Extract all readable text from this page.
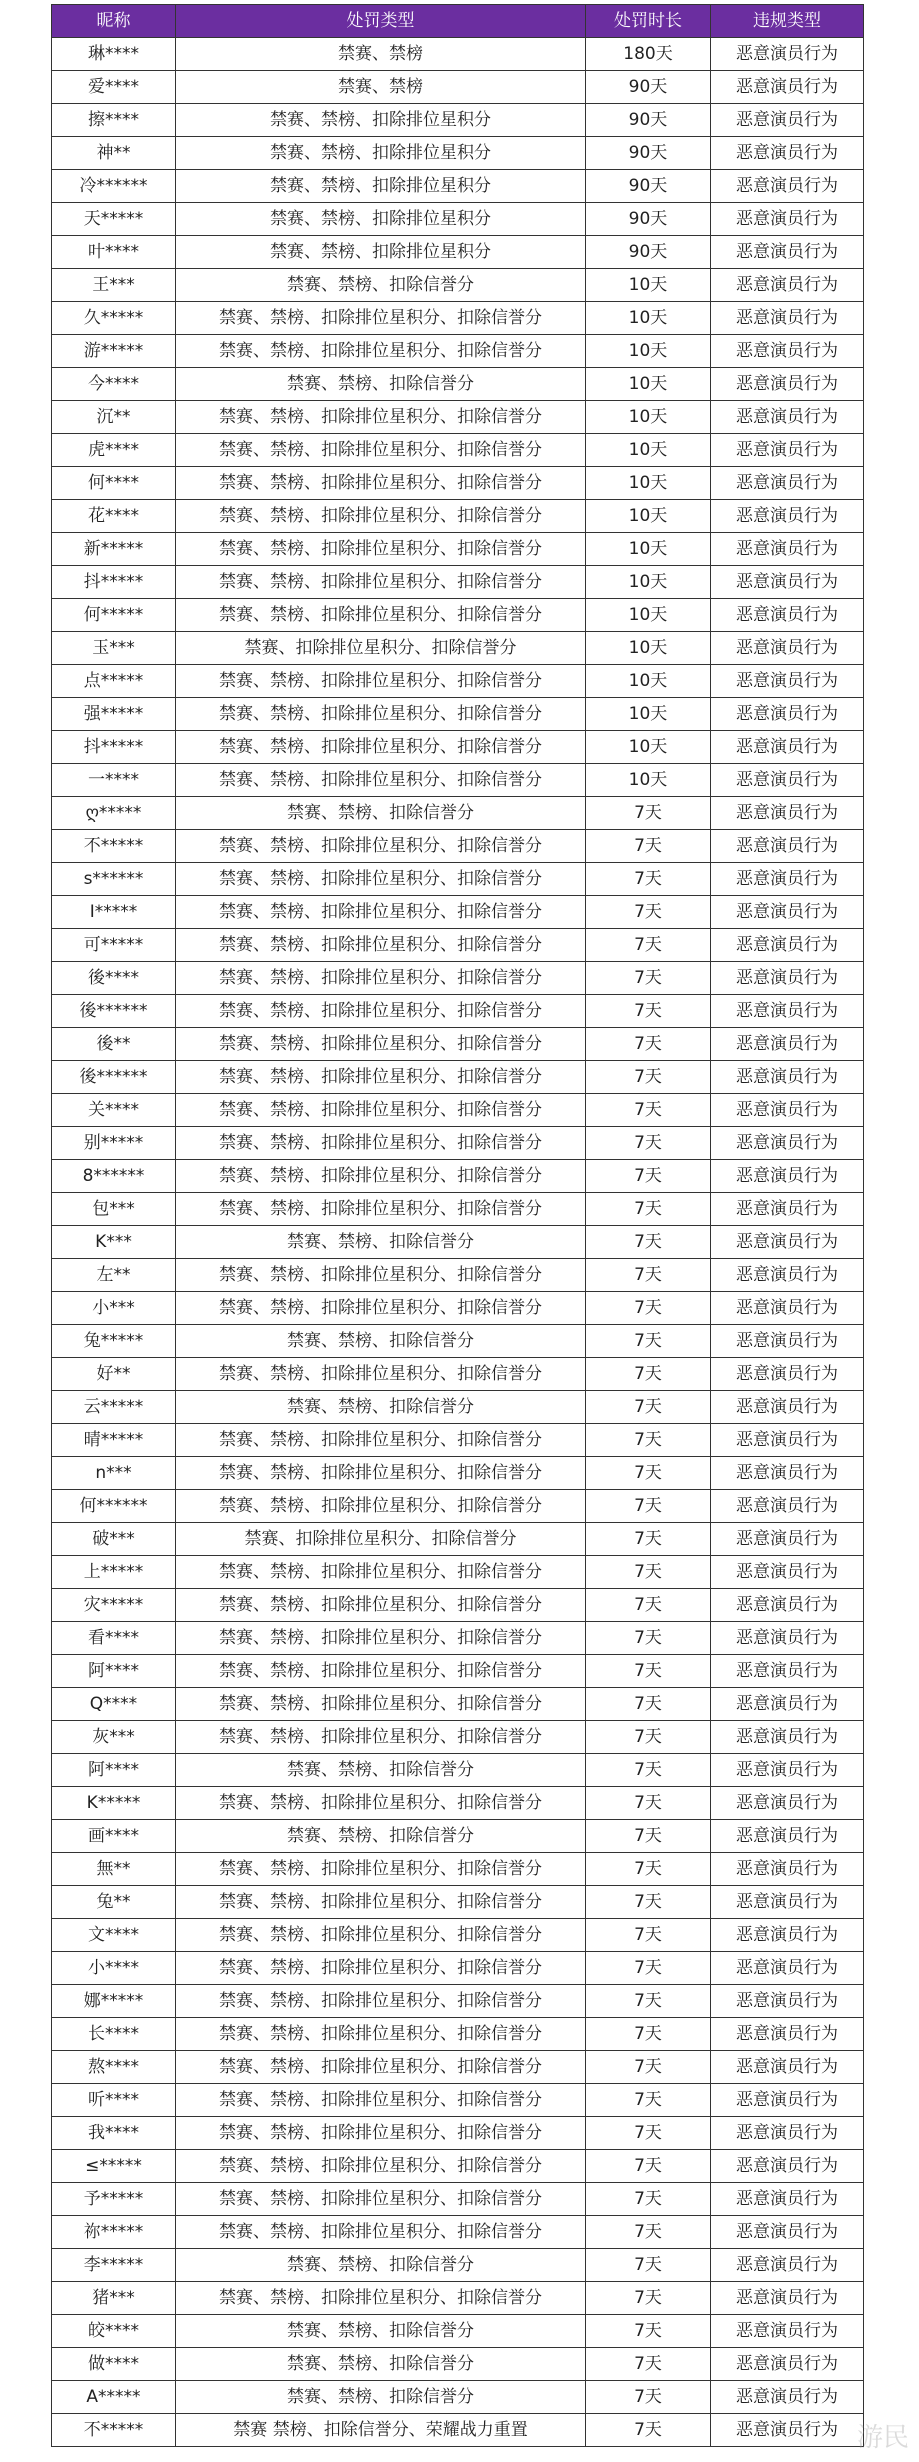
昵称	处罚类型	处罚时长	违规类型
琳****	禁赛、禁榜	180天	恶意演员行为
爱****	禁赛、禁榜	90天	恶意演员行为
擦****	禁赛、禁榜、扣除排位星积分	90天	恶意演员行为
神**	禁赛、禁榜、扣除排位星积分	90天	恶意演员行为
冷******	禁赛、禁榜、扣除排位星积分	90天	恶意演员行为
天*****	禁赛、禁榜、扣除排位星积分	90天	恶意演员行为
叶****	禁赛、禁榜、扣除排位星积分	90天	恶意演员行为
王***	禁赛、禁榜、扣除信誉分	10天	恶意演员行为
久*****	禁赛、禁榜、扣除排位星积分、扣除信誉分	10天	恶意演员行为
游*****	禁赛、禁榜、扣除排位星积分、扣除信誉分	10天	恶意演员行为
今****	禁赛、禁榜、扣除信誉分	10天	恶意演员行为
沉**	禁赛、禁榜、扣除排位星积分、扣除信誉分	10天	恶意演员行为
虎****	禁赛、禁榜、扣除排位星积分、扣除信誉分	10天	恶意演员行为
何****	禁赛、禁榜、扣除排位星积分、扣除信誉分	10天	恶意演员行为
花****	禁赛、禁榜、扣除排位星积分、扣除信誉分	10天	恶意演员行为
新*****	禁赛、禁榜、扣除排位星积分、扣除信誉分	10天	恶意演员行为
抖*****	禁赛、禁榜、扣除排位星积分、扣除信誉分	10天	恶意演员行为
何*****	禁赛、禁榜、扣除排位星积分、扣除信誉分	10天	恶意演员行为
玉***	禁赛、扣除排位星积分、扣除信誉分	10天	恶意演员行为
点*****	禁赛、禁榜、扣除排位星积分、扣除信誉分	10天	恶意演员行为
强*****	禁赛、禁榜、扣除排位星积分、扣除信誉分	10天	恶意演员行为
抖*****	禁赛、禁榜、扣除排位星积分、扣除信誉分	10天	恶意演员行为
一****	禁赛、禁榜、扣除排位星积分、扣除信誉分	10天	恶意演员行为
ღ*****	禁赛、禁榜、扣除信誉分	7天	恶意演员行为
不*****	禁赛、禁榜、扣除排位星积分、扣除信誉分	7天	恶意演员行为
s******	禁赛、禁榜、扣除排位星积分、扣除信誉分	7天	恶意演员行为
I*****	禁赛、禁榜、扣除排位星积分、扣除信誉分	7天	恶意演员行为
可*****	禁赛、禁榜、扣除排位星积分、扣除信誉分	7天	恶意演员行为
後****	禁赛、禁榜、扣除排位星积分、扣除信誉分	7天	恶意演员行为
後******	禁赛、禁榜、扣除排位星积分、扣除信誉分	7天	恶意演员行为
後**	禁赛、禁榜、扣除排位星积分、扣除信誉分	7天	恶意演员行为
後******	禁赛、禁榜、扣除排位星积分、扣除信誉分	7天	恶意演员行为
关****	禁赛、禁榜、扣除排位星积分、扣除信誉分	7天	恶意演员行为
别*****	禁赛、禁榜、扣除排位星积分、扣除信誉分	7天	恶意演员行为
8******	禁赛、禁榜、扣除排位星积分、扣除信誉分	7天	恶意演员行为
包***	禁赛、禁榜、扣除排位星积分、扣除信誉分	7天	恶意演员行为
K***	禁赛、禁榜、扣除信誉分	7天	恶意演员行为
左**	禁赛、禁榜、扣除排位星积分、扣除信誉分	7天	恶意演员行为
小***	禁赛、禁榜、扣除排位星积分、扣除信誉分	7天	恶意演员行为
兔*****	禁赛、禁榜、扣除信誉分	7天	恶意演员行为
好**	禁赛、禁榜、扣除排位星积分、扣除信誉分	7天	恶意演员行为
云*****	禁赛、禁榜、扣除信誉分	7天	恶意演员行为
晴*****	禁赛、禁榜、扣除排位星积分、扣除信誉分	7天	恶意演员行为
n***	禁赛、禁榜、扣除排位星积分、扣除信誉分	7天	恶意演员行为
何******	禁赛、禁榜、扣除排位星积分、扣除信誉分	7天	恶意演员行为
破***	禁赛、扣除排位星积分、扣除信誉分	7天	恶意演员行为
上*****	禁赛、禁榜、扣除排位星积分、扣除信誉分	7天	恶意演员行为
灾*****	禁赛、禁榜、扣除排位星积分、扣除信誉分	7天	恶意演员行为
看****	禁赛、禁榜、扣除排位星积分、扣除信誉分	7天	恶意演员行为
阿****	禁赛、禁榜、扣除排位星积分、扣除信誉分	7天	恶意演员行为
Q****	禁赛、禁榜、扣除排位星积分、扣除信誉分	7天	恶意演员行为
灰***	禁赛、禁榜、扣除排位星积分、扣除信誉分	7天	恶意演员行为
阿****	禁赛、禁榜、扣除信誉分	7天	恶意演员行为
K*****	禁赛、禁榜、扣除排位星积分、扣除信誉分	7天	恶意演员行为
画****	禁赛、禁榜、扣除信誉分	7天	恶意演员行为
無**	禁赛、禁榜、扣除排位星积分、扣除信誉分	7天	恶意演员行为
兔**	禁赛、禁榜、扣除排位星积分、扣除信誉分	7天	恶意演员行为
文****	禁赛、禁榜、扣除排位星积分、扣除信誉分	7天	恶意演员行为
小****	禁赛、禁榜、扣除排位星积分、扣除信誉分	7天	恶意演员行为
娜*****	禁赛、禁榜、扣除排位星积分、扣除信誉分	7天	恶意演员行为
长****	禁赛、禁榜、扣除排位星积分、扣除信誉分	7天	恶意演员行为
熬****	禁赛、禁榜、扣除排位星积分、扣除信誉分	7天	恶意演员行为
听****	禁赛、禁榜、扣除排位星积分、扣除信誉分	7天	恶意演员行为
我****	禁赛、禁榜、扣除排位星积分、扣除信誉分	7天	恶意演员行为
≤*****	禁赛、禁榜、扣除排位星积分、扣除信誉分	7天	恶意演员行为
予*****	禁赛、禁榜、扣除排位星积分、扣除信誉分	7天	恶意演员行为
祢*****	禁赛、禁榜、扣除排位星积分、扣除信誉分	7天	恶意演员行为
李*****	禁赛、禁榜、扣除信誉分	7天	恶意演员行为
猪***	禁赛、禁榜、扣除排位星积分、扣除信誉分	7天	恶意演员行为
皎****	禁赛、禁榜、扣除信誉分	7天	恶意演员行为
做****	禁赛、禁榜、扣除信誉分	7天	恶意演员行为
A*****	禁赛、禁榜、扣除信誉分	7天	恶意演员行为
不*****	禁赛 禁榜、扣除信誉分、荣耀战力重置	7天	恶意演员行为 游民
